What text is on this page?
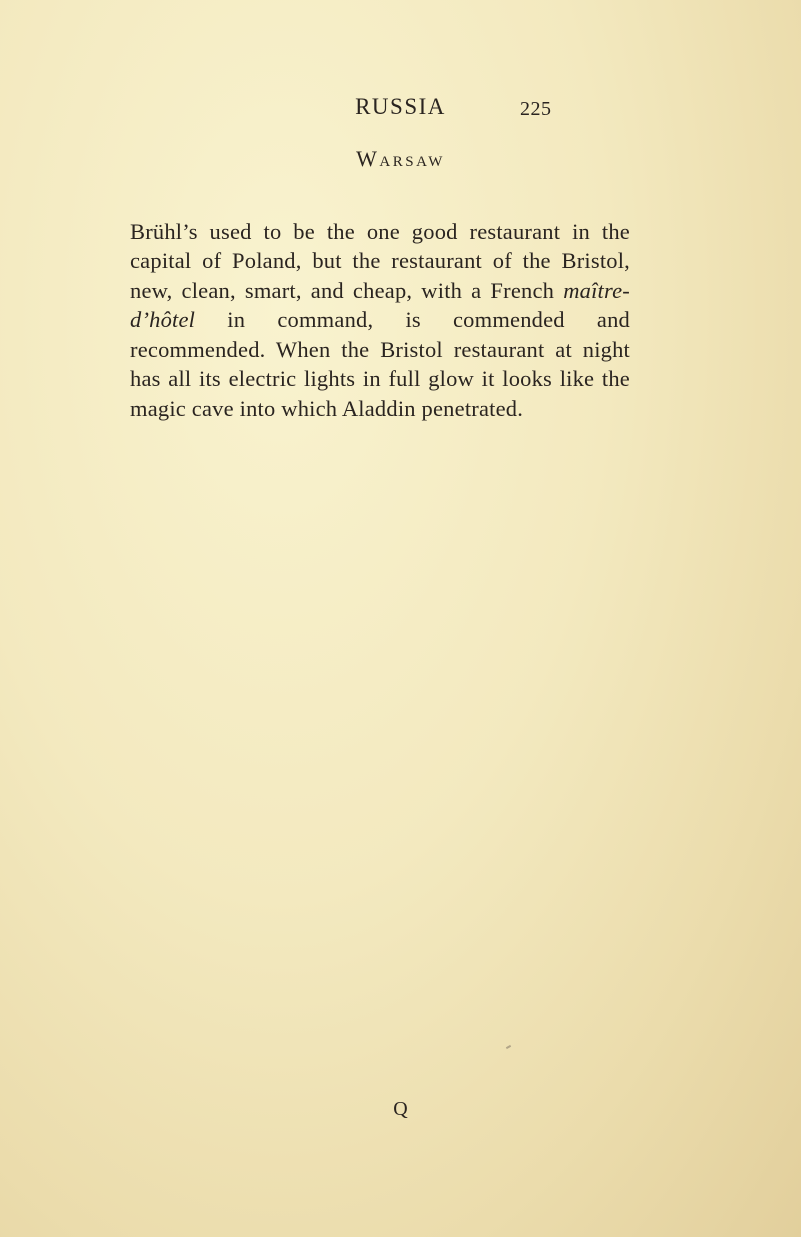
RUSSIA	225
Warsaw

Brühl’s used to be the one good restaurant in the capital of Poland, but the restaurant of the Bristol, new, clean, smart, and cheap, with a French maître-d’hôtel in command, is commended and recommended. When the Bristol restaurant at night has all its electric lights in full glow it looks like the magic cave into which Aladdin penetrated.

Q
